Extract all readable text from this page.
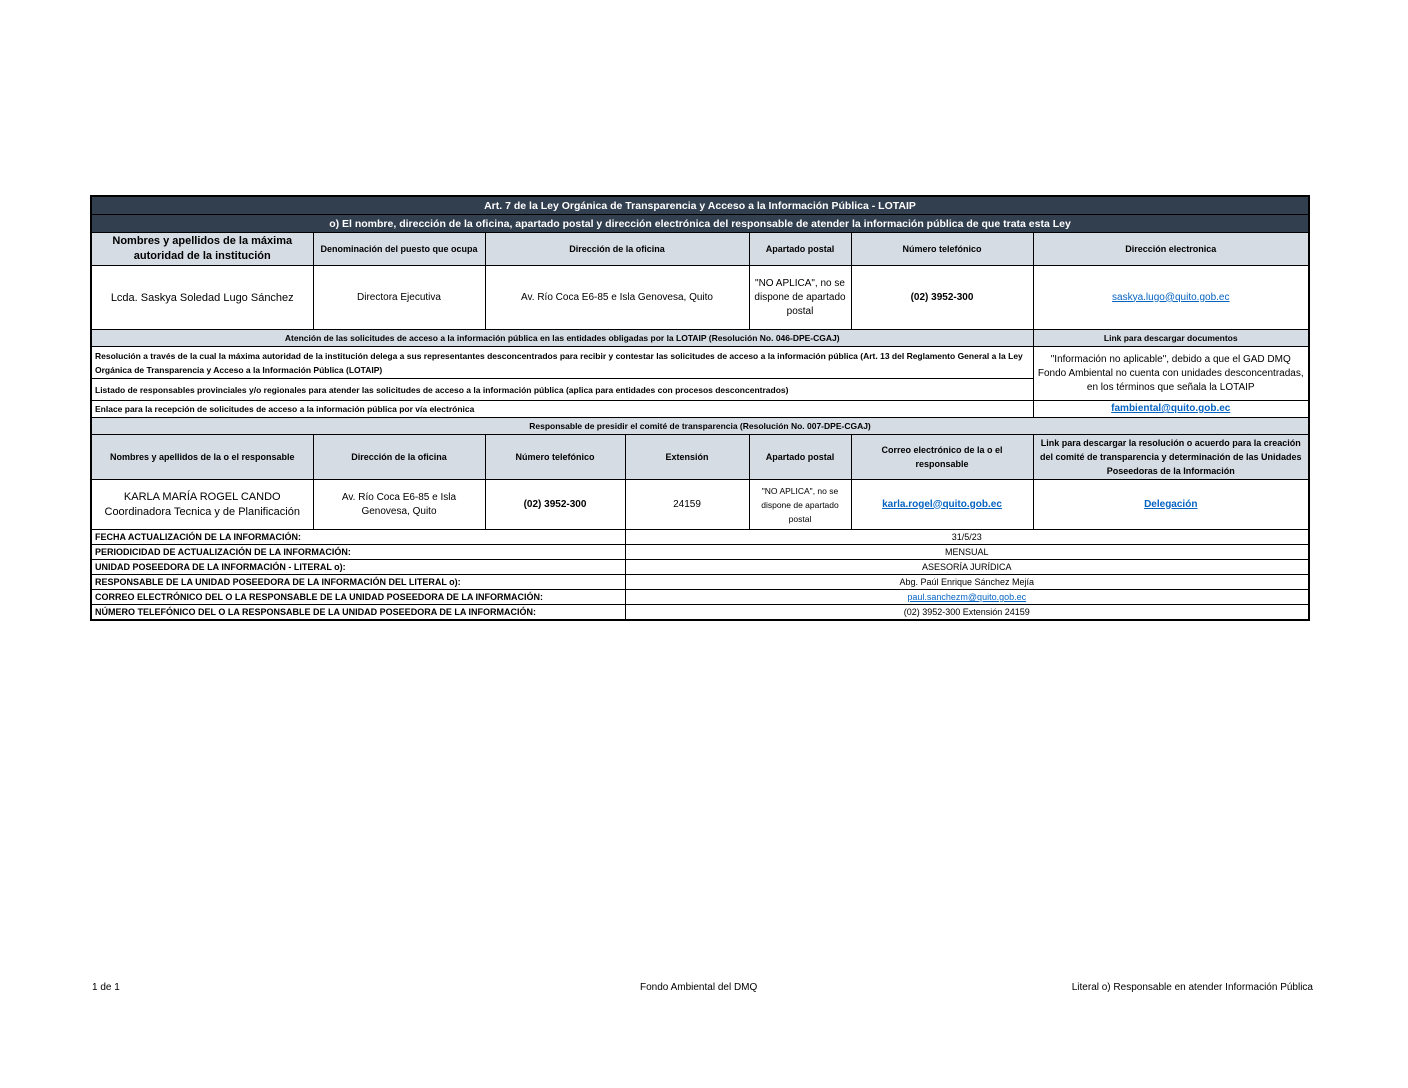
Art. 7 de la Ley Orgánica de Transparencia y Acceso a la Información Pública - LOTAIP						
o) El nombre, dirección de la oficina, apartado postal y dirección electrónica del responsable de atender la información pública de que trata esta Ley						
Nombres y apellidos de la máxima autoridad de la institución	Denominación del puesto que ocupa	Dirección de la oficina		Apartado postal	Número telefónico	Dirección electronica
Lcda. Saskya Soledad Lugo Sánchez	Directora Ejecutiva	Av. Río Coca E6-85 e Isla Genovesa, Quito		"NO APLICA", no se dispone de apartado postal	(02) 3952-300	saskya.lugo@quito.gob.ec
Atención de las solicitudes de acceso a la información pública en las entidades obligadas por la LOTAIP (Resolución No. 046-DPE-CGAJ)						Link para descargar documentos
Resolución a través de la cual la máxima autoridad de la institución delega a sus representantes desconcentrados para recibir y contestar las solicitudes de acceso a la información pública (Art. 13 del Reglamento General a la Ley Orgánica de Transparencia y Acceso a la Información Pública (LOTAIP)						"Información no aplicable", debido a que el GAD DMQ Fondo Ambiental no cuenta con unidades desconcentradas, en los términos que señala la LOTAIP
Listado de responsables provinciales y/o regionales para atender las solicitudes de acceso a la información pública (aplica para entidades con procesos desconcentrados)						
Enlace para la recepción de solicitudes de acceso a la información pública por vía electrónica						fambiental@quito.gob.ec
Responsable de presidir el comité de transparencia (Resolución No. 007-DPE-CGAJ)						
Nombres y apellidos de la o el responsable	Dirección de la oficina	Número telefónico	Extensión	Apartado postal	Correo electrónico de la o el responsable	Link para descargar la resolución o acuerdo para la creación del comité de transparencia y determinación de las Unidades Poseedoras de la Información

KARLA MARÍA ROGEL CANDO
Coordinadora Tecnica y de Planificación	Av. Río Coca E6-85 e Isla Genovesa, Quito	(02) 3952-300	24159	"NO APLICA", no se dispone de apartado postal	karla.rogel@quito.gob.ec	Delegación
FECHA ACTUALIZACIÓN DE LA INFORMACIÓN:			31/5/23			
PERIODICIDAD DE ACTUALIZACIÓN DE LA INFORMACIÓN:			MENSUAL			
UNIDAD POSEEDORA DE LA INFORMACIÓN - LITERAL o):			ASESORÍA JURÍDICA			
RESPONSABLE DE LA UNIDAD POSEEDORA DE LA INFORMACIÓN DEL LITERAL o):			Abg. Paúl Enrique Sánchez Mejía			
CORREO ELECTRÓNICO DEL O LA RESPONSABLE DE LA UNIDAD POSEEDORA DE LA INFORMACIÓN:			paul.sanchezm@quito.gob.ec			
NÚMERO TELEFÓNICO DEL O LA RESPONSABLE DE LA UNIDAD POSEEDORA DE LA INFORMACIÓN:			(02) 3952-300 Extensión 24159			
1 de 1	Fondo Ambiental del DMQ	Literal o) Responsable en atender Información Pública
